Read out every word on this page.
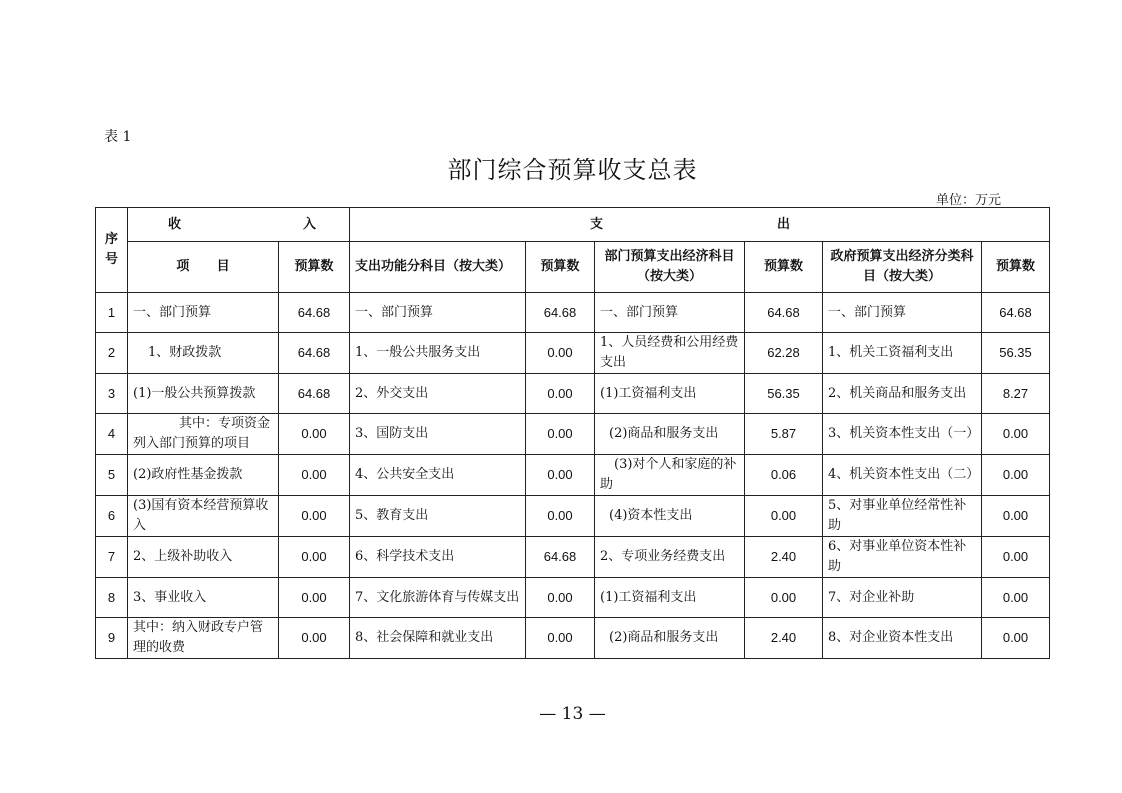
表 1
部门综合预算收支总表
单位：万元
序号	收 入		支 出					

	项      目	预算数	支出功能分科目（按大类）	预算数	部门预算支出经济科目（按大类）	预算数	政府预算支出经济分类科目（按大类）	预算数
1	一、部门预算	64.68	一、部门预算	64.68	一、部门预算	64.68	一、部门预算	64.68
2	1、财政拨款	64.68	1、一般公共服务支出	0.00	1、人员经费和公用经费支出	62.28	1、机关工资福利支出	56.35
3	(1)一般公共预算拨款	64.68	2、外交支出	0.00	(1)工资福利支出	56.35	2、机关商品和服务支出	8.27
4	其中：专项资金列入部门预算的项目	0.00	3、国防支出	0.00	(2)商品和服务支出	5.87	3、机关资本性支出（一）	0.00
5	(2)政府性基金拨款	0.00	4、公共安全支出	0.00	(3)对个人和家庭的补助	0.06	4、机关资本性支出（二）	0.00
6	(3)国有资本经营预算收入	0.00	5、教育支出	0.00	(4)资本性支出	0.00	5、对事业单位经常性补助	0.00
7	2、上级补助收入	0.00	6、科学技术支出	64.68	2、专项业务经费支出	2.40	6、对事业单位资本性补助	0.00
8	3、事业收入	0.00	7、文化旅游体育与传媒支出	0.00	(1)工资福利支出	0.00	7、对企业补助	0.00
9	其中：纳入财政专户管理的收费	0.00	8、社会保障和就业支出	0.00	(2)商品和服务支出	2.40	8、对企业资本性支出	0.00
— 13 —
